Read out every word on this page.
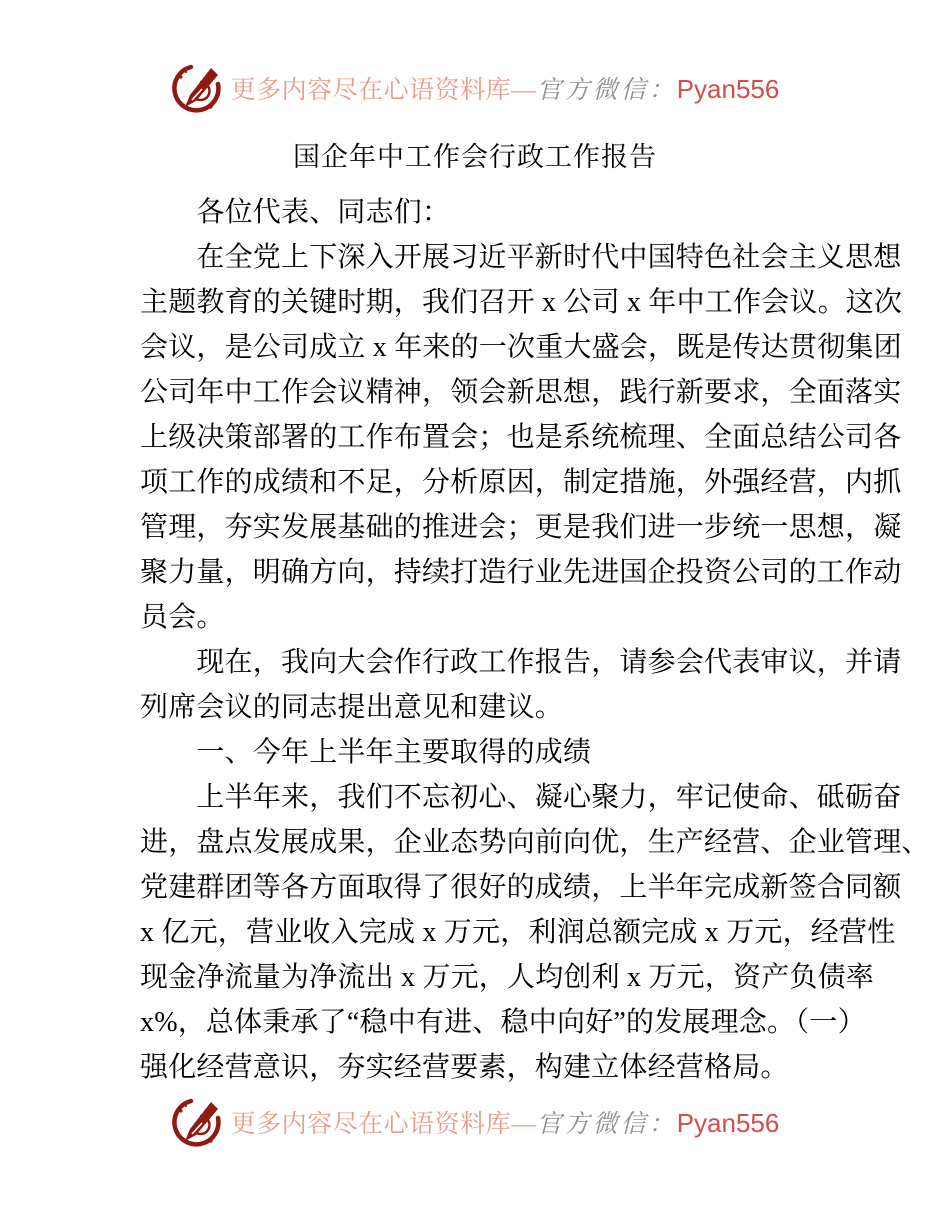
更多内容尽在心语资料库—官方微信：Pyan556
国企年中工作会行政工作报告
　　各位代表、同志们：
　　在全党上下深入开展习近平新时代中国特色社会主义思想
主题教育的关键时期，我们召开 x 公司 x 年中工作会议。这次
会议，是公司成立 x 年来的一次重大盛会，既是传达贯彻集团
公司年中工作会议精神，领会新思想，践行新要求，全面落实
上级决策部署的工作布置会；也是系统梳理、全面总结公司各
项工作的成绩和不足，分析原因，制定措施，外强经营，内抓
管理，夯实发展基础的推进会；更是我们进一步统一思想，凝
聚力量，明确方向，持续打造行业先进国企投资公司的工作动
员会。
　　现在，我向大会作行政工作报告，请参会代表审议，并请
列席会议的同志提出意见和建议。
　　一、今年上半年主要取得的成绩
　　上半年来，我们不忘初心、凝心聚力，牢记使命、砥砺奋
进，盘点发展成果，企业态势向前向优，生产经营、企业管理、
党建群团等各方面取得了很好的成绩，上半年完成新签合同额
x 亿元，营业收入完成 x 万元，利润总额完成 x 万元，经营性
现金净流量为净流出 x 万元，人均创利 x 万元，资产负债率
x%，总体秉承了“稳中有进、稳中向好”的发展理念。（一）
强化经营意识，夯实经营要素，构建立体经营格局。
更多内容尽在心语资料库—官方微信：Pyan556
